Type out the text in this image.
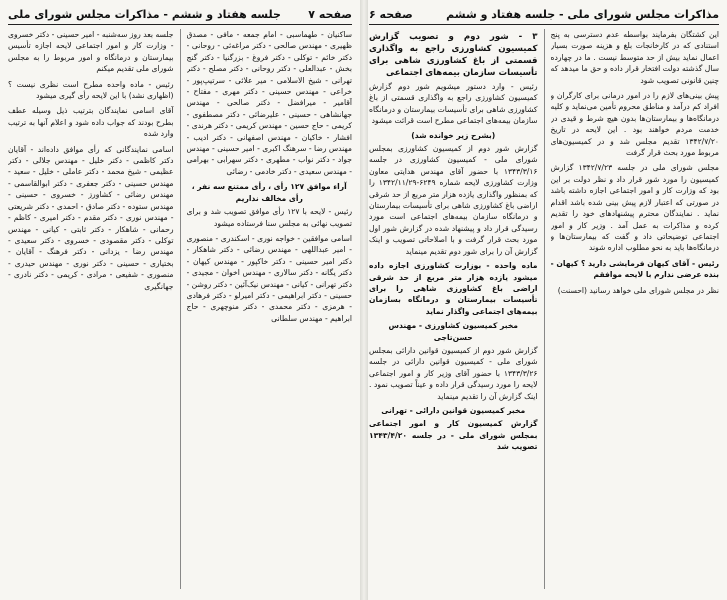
صفحه ۷
جلسه هفتاد و ششم - مذاکرات مجلس شورای ملی

ساکنیان - طهماسبی - امام جمعه - مافی - مصدق ظهیری - مهندس صالحی - دکتر مراغه‌ئی - روحانی - دکتر خائم - توکلی - دکتر فروغ - بزرگنیا - دکتر گنج بخش - عبدالعلی - دکتر روحانی - دکتر مصلح - دکتر تهرانی - شیخ الاسلامی - میر علائی - سرتیپ‌پور - خراعی - مهندس حسینی - دکتر مهری - مفتاح - آقامیر - میرافضل - دکتر صالحی - مهندس جهانشاهی - حسینی - علیرضائی - دکتر مصطفوی - کریمی - حاج حسین - مهندس کریمی - دکتر هرندی - افشار - خاکیان - مهندس اصفهانی - دکتر ادیب - مهندس رضا - سرهنگ اکبری - امیر حسینی - مهندس جواد - دکتر نواب - مطهری - دکتر سهرابی - بهرامی - مهندس سعیدی - دکتر خادمی - رضائی

آراء موافق ۱۲۷ رأی ، رأی ممتنع سه نفر ، رأی مخالف نداریم

رئیس - لایحه با ۱۲۷ رأی موافق تصویب شد و برای تصویب نهائی به مجلس سنا فرستاده میشود

اسامی موافقین - خواجه نوری - اسکندری - منصوری - امیر عبداللهی - مهندس رضائی - دکتر شاهکار - دکتر امیر حسینی - دکتر خاکپور - مهندس کیهان - دکتر یگانه - دکتر سالاری - مهندس اخوان - مجیدی - دکتر تهرانی - کیانی - مهندس نیک‌آئین - دکتر روشن - حسینی - دکتر ابراهیمی - دکتر امیرلو - دکتر فرهادی - هرمزی - دکتر محمدی - دکتر منوچهری - حاج ابراهیم - مهندس سلطانی

جلسه بعد روز سه‌شنبه - امیر حسینی - دکتر خسروی - وزارت کار و امور اجتماعی لایحه اجازه تأسیس بیمارستان و درمانگاه و امور مربوط را به مجلس شورای ملی تقدیم میکنم

رئیس - ماده واحده مطرح است نظری نیست ؟ (اظهاری نشد) با این لایحه رأی گیری میشود

آقای اسامی نمایندگان بترتیب ذیل وسیله عطف بطرح بودند که جواب داده شود و اعلام آنها به ترتیب وارد شده

اسامی نمایندگانی که رأی موافق داده‌اند - آقایان دکتر کاظمی - دکتر خلیل - مهندس جلالی - دکتر عظیمی - شیخ محمد - دکتر عاملی - خلیل - سعید - مهندس حسینی - دکتر جعفری - دکتر ابوالقاسمی - مهندس رضائی - کشاورز - خسروی - حسینی - مهندس ستوده - دکتر صادق - احمدی - دکتر شریعتی - مهندس نوری - دکتر مقدم - دکتر امیری - کاظم - رحمانی - شاهکار - دکتر ثابتی - کیانی - مهندس توکلی - دکتر مقصودی - خسروی - دکتر سعیدی - مهندس رضا - یزدانی - دکتر فرهنگ - آقایان - بختیاری - حسینی - دکتر نوری - مهندس حیدری - منصوری - شفیعی - مرادی - کریمی - دکتر نادری - جهانگیری

مذاکرات مجلس شورای ملی - جلسه هفتاد و ششم
صفحه ۶

این کشتگان بفرمایند بواسطه عدم دسترسی به پنج استنادی که در کارخانجات بلغ و هزینه صورت بسیار اعمال نماید بیش از حد متوسط نیست . ما در چهارده سال گذشته دولت افتخار قرار داده و حق ما میدهد که چنین قانونی تصویب شود

پیش بینی‌های لازم را در امور درمانی برای کارگران و افراد کم درآمد و مناطق محروم تأمین می‌نماید و کلیه درمانگاه‌ها و بیمارستان‌ها بدون هیچ شرط و قیدی در خدمت مردم خواهند بود . این لایحه در تاریخ ۱۳۴۲/۷/۲۰ تقدیم مجلس شد و در کمیسیون‌های مربوط مورد بحث قرار گرفت

مجلس شورای ملی در جلسه ۱۳۴۲/۷/۲۳ گزارش کمیسیون را مورد شور قرار داد و نظر دولت بر این بود که وزارت کار و امور اجتماعی اجازه داشته باشد در صورتی که اعتبار لازم پیش بینی شده باشد اقدام نماید . نمایندگان محترم پیشنهادهای خود را تقدیم کرده و مذاکرات به عمل آمد . وزیر کار و امور اجتماعی توضیحاتی داد و گفت که بیمارستان‌ها و درمانگاه‌ها باید به نحو مطلوب اداره شوند

رئیس - آقای کیهان فرمایشی دارید ؟ کیهان - بنده عرضی ندارم با لایحه موافقم

نظر در مجلس شورای ملی خواهد رسانید (احسنت)

۳ - شور دوم و تصویب گزارش کمیسیون کشاورزی راجع به واگذاری قسمتی از باغ کشاورزی شاهی برای تأسیسات سازمان بیمه‌های اجتماعی

رئیس - وارد دستور میشویم شور دوم گزارش کمیسیون کشاورزی راجع به واگذاری قسمتی از باغ کشاورزی شاهی برای تأسیسات بیمارستان و درمانگاه سازمان بیمه‌های اجتماعی مطرح است قرائت میشود

(بشرح زیر خوانده شد)

گزارش شور دوم از کمیسیون کشاورزی بمجلس شورای ملی - کمیسیون کشاورزی در جلسه ۱۳۴۳/۳/۱۶ با حضور آقای مهندس هدایتی معاون وزارت کشاورزی لایحه شماره ۶۲۴۹-۱۳۴۲/۱۱/۲۹ را که بمنظور واگذاری یازده هزار متر مربع از حد شرقی اراضی باغ کشاورزی شاهی برای تأسیسات بیمارستان و درمانگاه سازمان بیمه‌های اجتماعی است مورد رسیدگی قرار داد و پیشنهاد شده در گزارش شور اول مورد بحث قرار گرفت و با اصلاحاتی تصویب و اینک گزارش آن را برای شور دوم تقدیم مینماید

ماده واحده - بوزارت کشاورزی اجازه داده میشود یازده هزار متر مربع از حد شرقی اراضی باغ کشاورزی شاهی را برای تأسیسات بیمارستان و درمانگاه بسازمان بیمه‌های اجتماعی واگذار نماید

مخبر کمیسیون کشاورزی - مهندس حسن‌تاجی

گزارش شور دوم از کمیسیون قوانین دارائی بمجلس شورای ملی - کمیسیون قوانین دارائی در جلسه ۱۳۴۳/۳/۲۶ با حضور آقای وزیر کار و امور اجتماعی لایحه را مورد رسیدگی قرار داده و عیناً تصویب نمود . اینک گزارش آن را تقدیم مینماید

مخبر کمیسیون قوانین دارائی - تهرانی

گزارش کمیسیون کار و امور اجتماعی بمجلس شورای ملی - در جلسه ۱۳۴۳/۴/۲۰ تصویب شد
